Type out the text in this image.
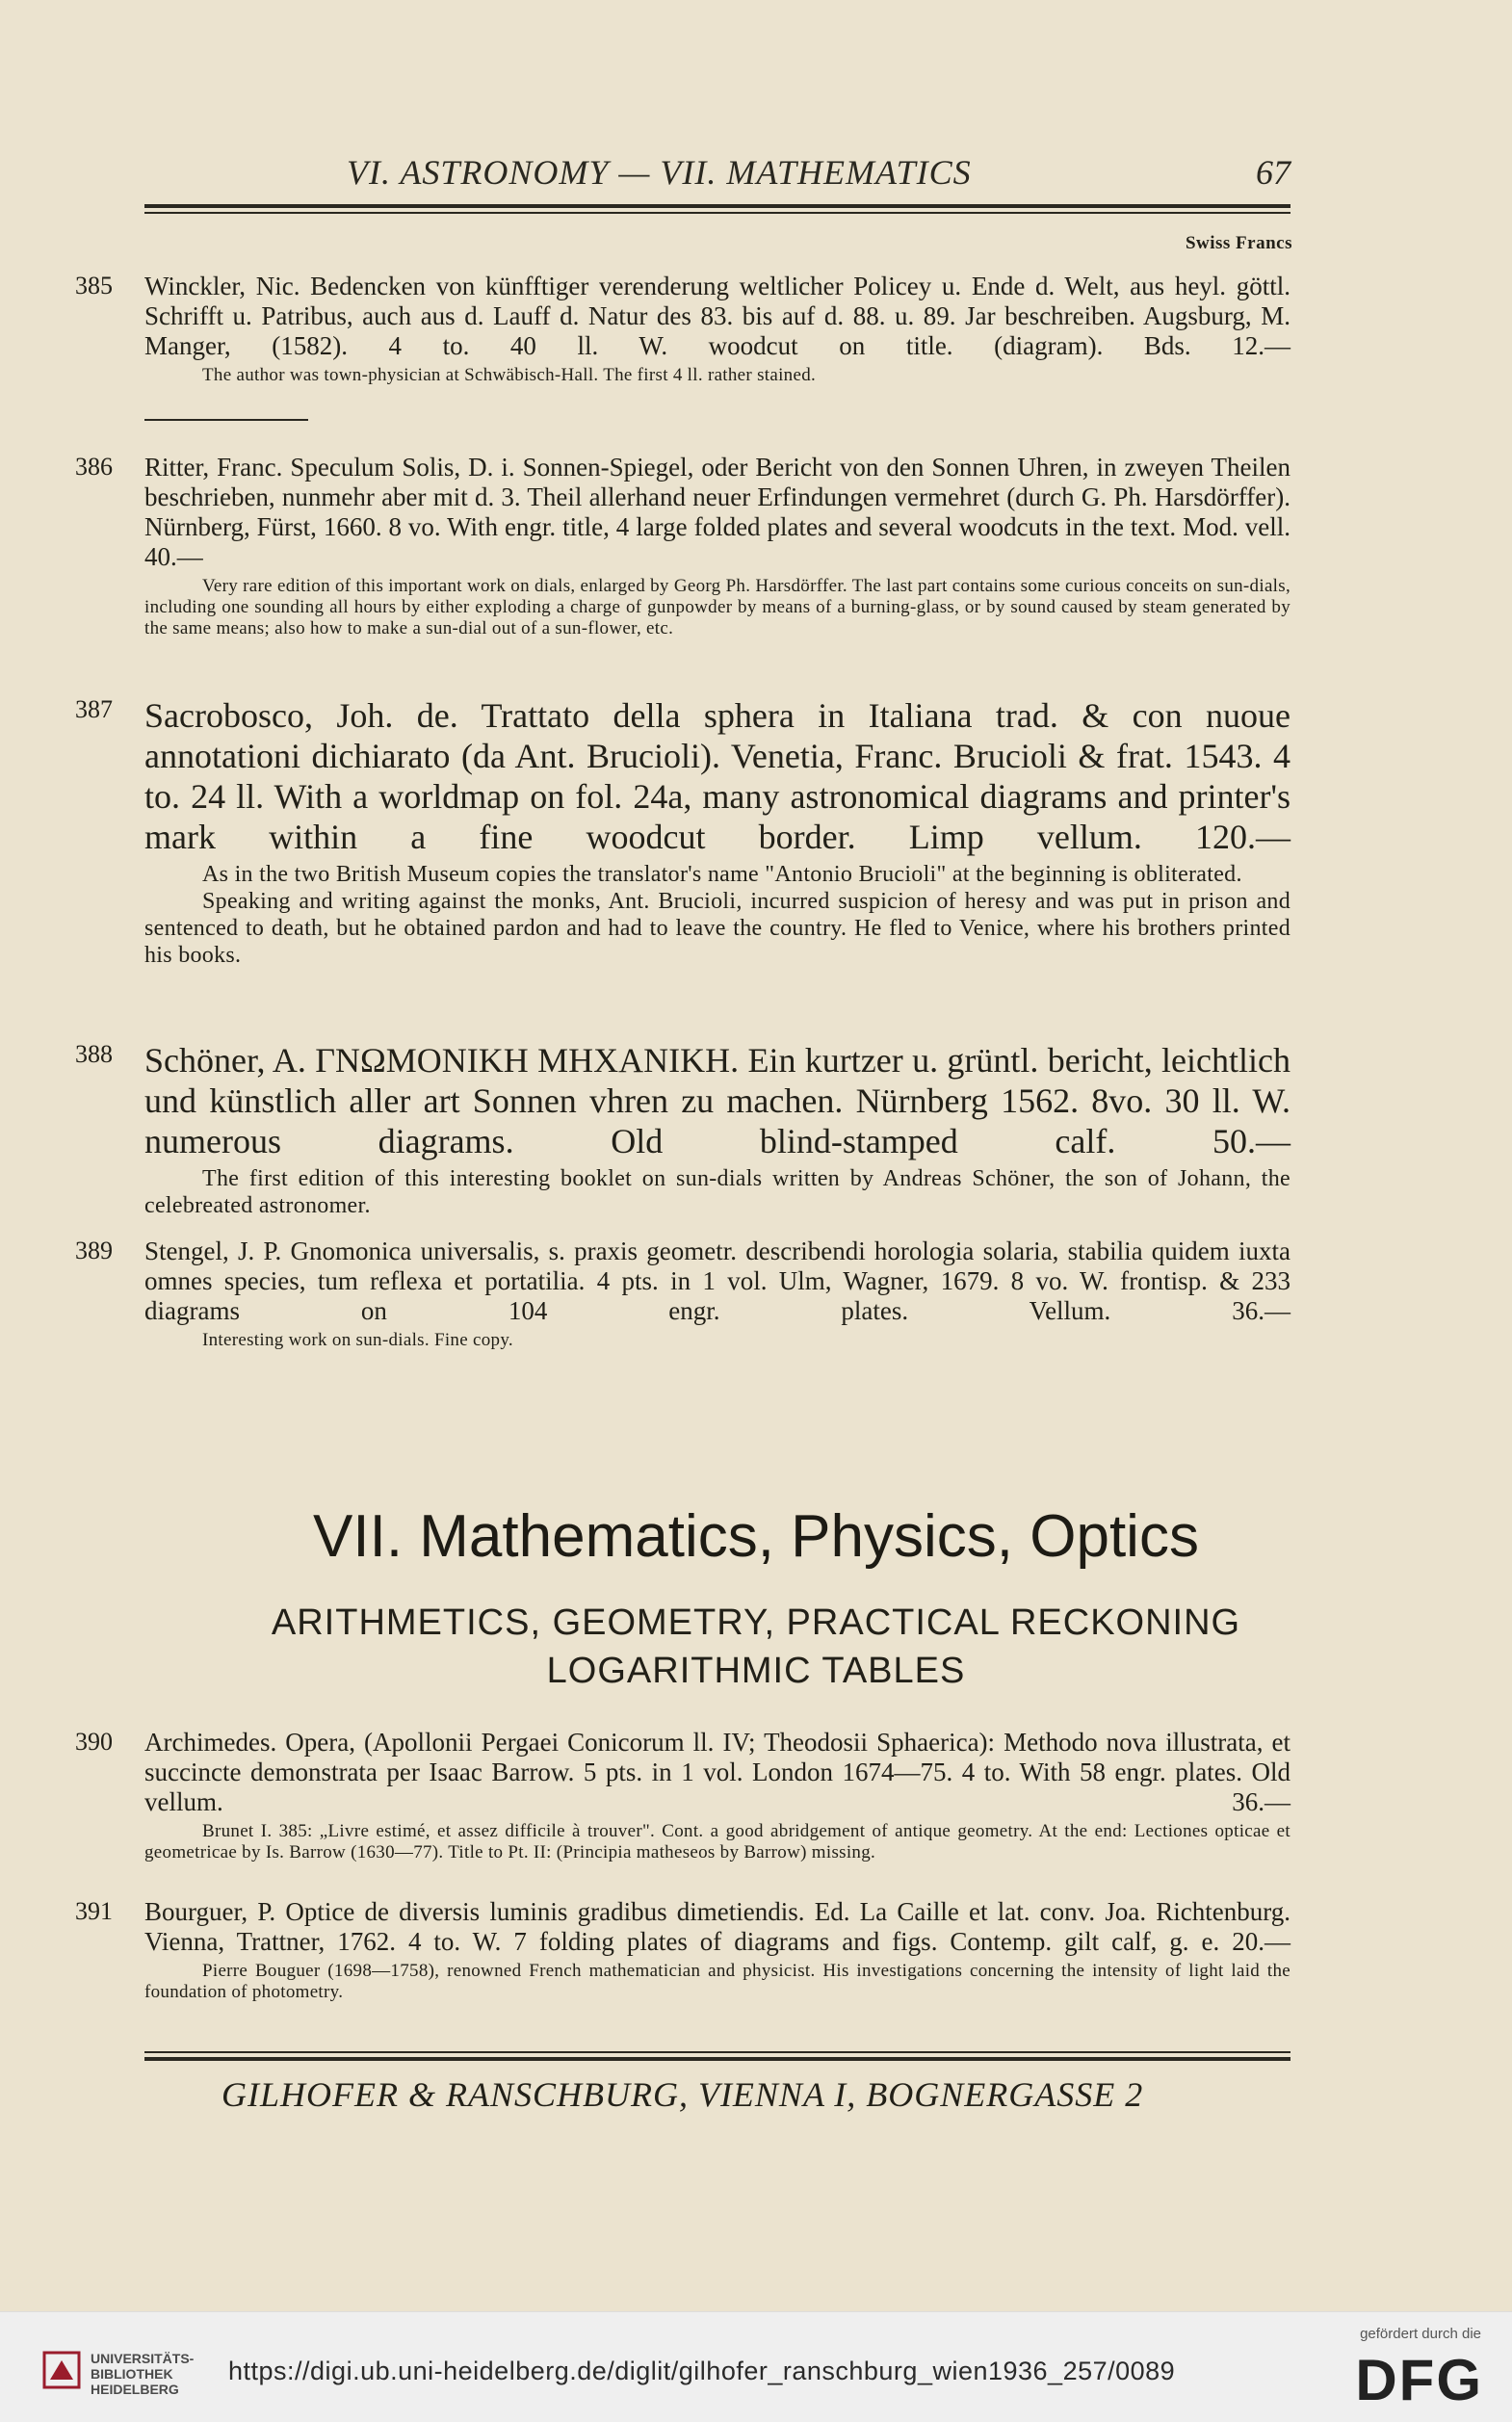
VI. ASTRONOMY — VII. MATHEMATICS	67
Swiss Francs
385 Winckler, Nic. Bedencken von künfftiger verenderung weltlicher Policey u. Ende d. Welt, aus heyl. göttl. Schrifft u. Patribus, auch aus d. Lauff d. Natur des 83. bis auf d. 88. u. 89. Jar beschreiben. Augsburg, M. Manger, (1582). 4 to. 40 ll. W. woodcut on title. (diagram). Bds. 12.—

The author was town-physician at Schwäbisch-Hall. The first 4 ll. rather stained.

386 Ritter, Franc. Speculum Solis, D. i. Sonnen-Spiegel, oder Bericht von den Sonnen Uhren, in zweyen Theilen beschrieben, nunmehr aber mit d. 3. Theil allerhand neuer Erfindungen vermehret (durch G. Ph. Harsdörffer). Nürnberg, Fürst, 1660. 8 vo. With engr. title, 4 large folded plates and several woodcuts in the text. Mod. vell. 40.—

Very rare edition of this important work on dials, enlarged by Georg Ph. Harsdörffer. The last part contains some curious conceits on sun-dials, including one sounding all hours by either exploding a charge of gunpowder by means of a burning-glass, or by sound caused by steam generated by the same means; also how to make a sun-dial out of a sun-flower, etc.

387 Sacrobosco, Joh. de. Trattato della sphera in Italiana trad. & con nuoue annotationi dichiarato (da Ant. Brucioli). Venetia, Franc. Brucioli & frat. 1543. 4 to. 24 ll. With a worldmap on fol. 24a, many astronomical diagrams and printer's mark within a fine woodcut border. Limp vellum. 120.—

As in the two British Museum copies the translator's name "Antonio Brucioli" at the beginning is obliterated.

Speaking and writing against the monks, Ant. Brucioli, incurred suspicion of heresy and was put in prison and sentenced to death, but he obtained pardon and had to leave the country. He fled to Venice, where his brothers printed his books.

388 Schöner, A. ΓΝΩΜΟΝΙΚΗ ΜΗΧΑΝΙΚΗ. Ein kurtzer u. grüntl. bericht, leichtlich und künstlich aller art Sonnen vhren zu machen. Nürnberg 1562. 8vo. 30 ll. W. numerous diagrams. Old blind-stamped calf.	50.—

The first edition of this interesting booklet on sun-dials written by Andreas Schöner, the son of Johann, the celebreated astronomer.

389 Stengel, J. P. Gnomonica universalis, s. praxis geometr. describendi horologia solaria, stabilia quidem iuxta omnes species, tum reflexa et portatilia. 4 pts. in 1 vol. Ulm, Wagner, 1679. 8 vo. W. frontisp. & 233 diagrams on 104 engr. plates. Vellum.	36.—

Interesting work on sun-dials. Fine copy.

VII. Mathematics, Physics, Optics
ARITHMETICS, GEOMETRY, PRACTICAL RECKONING
LOGARITHMIC TABLES
390 Archimedes. Opera, (Apollonii Pergaei Conicorum ll. IV; Theodosii Sphaerica): Methodo nova illustrata, et succincte demonstrata per Isaac Barrow. 5 pts. in 1 vol. London 1674—75. 4 to. With 58 engr. plates. Old vellum.	36.—

Brunet I. 385: „Livre estimé, et assez difficile à trouver". Cont. a good abridgement of antique geometry. At the end: Lectiones opticae et geometricae by Is. Barrow (1630—77). Title to Pt. II: (Principia matheseos by Barrow) missing.

391 Bourguer, P. Optice de diversis luminis gradibus dimetiendis. Ed. La Caille et lat. conv. Joa. Richtenburg. Vienna, Trattner, 1762. 4 to. W. 7 folding plates of diagrams and figs. Contemp. gilt calf, g. e. 20.—

Pierre Bouguer (1698—1758), renowned French mathematician and physicist. His investigations concerning the intensity of light laid the foundation of photometry.

GILHOFER & RANSCHBURG, VIENNA I, BOGNERGASSE 2
UNIVERSITÄTS-
BIBLIOTHEK
HEIDELBERG
https://digi.ub.uni-heidelberg.de/diglit/gilhofer_ranschburg_wien1936_257/0089
gefördert durch die
DFG
